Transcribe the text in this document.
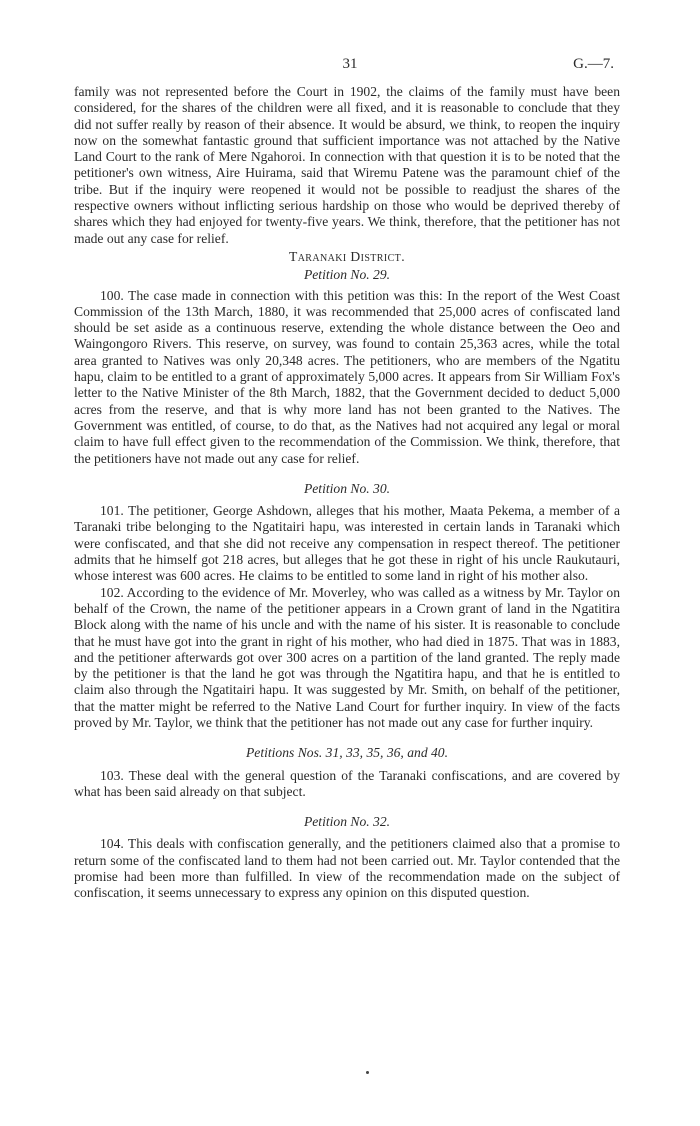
31	G.—7.

family was not represented before the Court in 1902, the claims of the family must have been considered, for the shares of the children were all fixed, and it is reasonable to conclude that they did not suffer really by reason of their absence. It would be absurd, we think, to reopen the inquiry now on the somewhat fantastic ground that sufficient importance was not attached by the Native Land Court to the rank of Mere Ngahoroi. In connection with that question it is to be noted that the petitioner's own witness, Aire Huirama, said that Wiremu Patene was the paramount chief of the tribe. But if the inquiry were reopened it would not be possible to readjust the shares of the respective owners without inflicting serious hardship on those who would be deprived thereby of shares which they had enjoyed for twenty-five years. We think, therefore, that the petitioner has not made out any case for relief.

Taranaki District.
Petition No. 29.

100. The case made in connection with this petition was this: In the report of the West Coast Commission of the 13th March, 1880, it was recommended that 25,000 acres of confiscated land should be set aside as a continuous reserve, extending the whole distance between the Oeo and Waingongoro Rivers. This reserve, on survey, was found to contain 25,363 acres, while the total area granted to Natives was only 20,348 acres. The petitioners, who are members of the Ngatitu hapu, claim to be entitled to a grant of approximately 5,000 acres. It appears from Sir William Fox's letter to the Native Minister of the 8th March, 1882, that the Government decided to deduct 5,000 acres from the reserve, and that is why more land has not been granted to the Natives. The Government was entitled, of course, to do that, as the Natives had not acquired any legal or moral claim to have full effect given to the recommendation of the Commission. We think, therefore, that the petitioners have not made out any case for relief.

Petition No. 30.

101. The petitioner, George Ashdown, alleges that his mother, Maata Pekema, a member of a Taranaki tribe belonging to the Ngatitairi hapu, was interested in certain lands in Taranaki which were confiscated, and that she did not receive any compensation in respect thereof. The petitioner admits that he himself got 218 acres, but alleges that he got these in right of his uncle Raukutauri, whose interest was 600 acres. He claims to be entitled to some land in right of his mother also.

102. According to the evidence of Mr. Moverley, who was called as a witness by Mr. Taylor on behalf of the Crown, the name of the petitioner appears in a Crown grant of land in the Ngatitira Block along with the name of his uncle and with the name of his sister. It is reasonable to conclude that he must have got into the grant in right of his mother, who had died in 1875. That was in 1883, and the petitioner afterwards got over 300 acres on a partition of the land granted. The reply made by the petitioner is that the land he got was through the Ngatitira hapu, and that he is entitled to claim also through the Ngatitairi hapu. It was suggested by Mr. Smith, on behalf of the petitioner, that the matter might be referred to the Native Land Court for further inquiry. In view of the facts proved by Mr. Taylor, we think that the petitioner has not made out any case for further inquiry.

Petitions Nos. 31, 33, 35, 36, and 40.

103. These deal with the general question of the Taranaki confiscations, and are covered by what has been said already on that subject.

Petition No. 32.

104. This deals with confiscation generally, and the petitioners claimed also that a promise to return some of the confiscated land to them had not been carried out. Mr. Taylor contended that the promise had been more than fulfilled. In view of the recommendation made on the subject of confiscation, it seems unnecessary to express any opinion on this disputed question.
